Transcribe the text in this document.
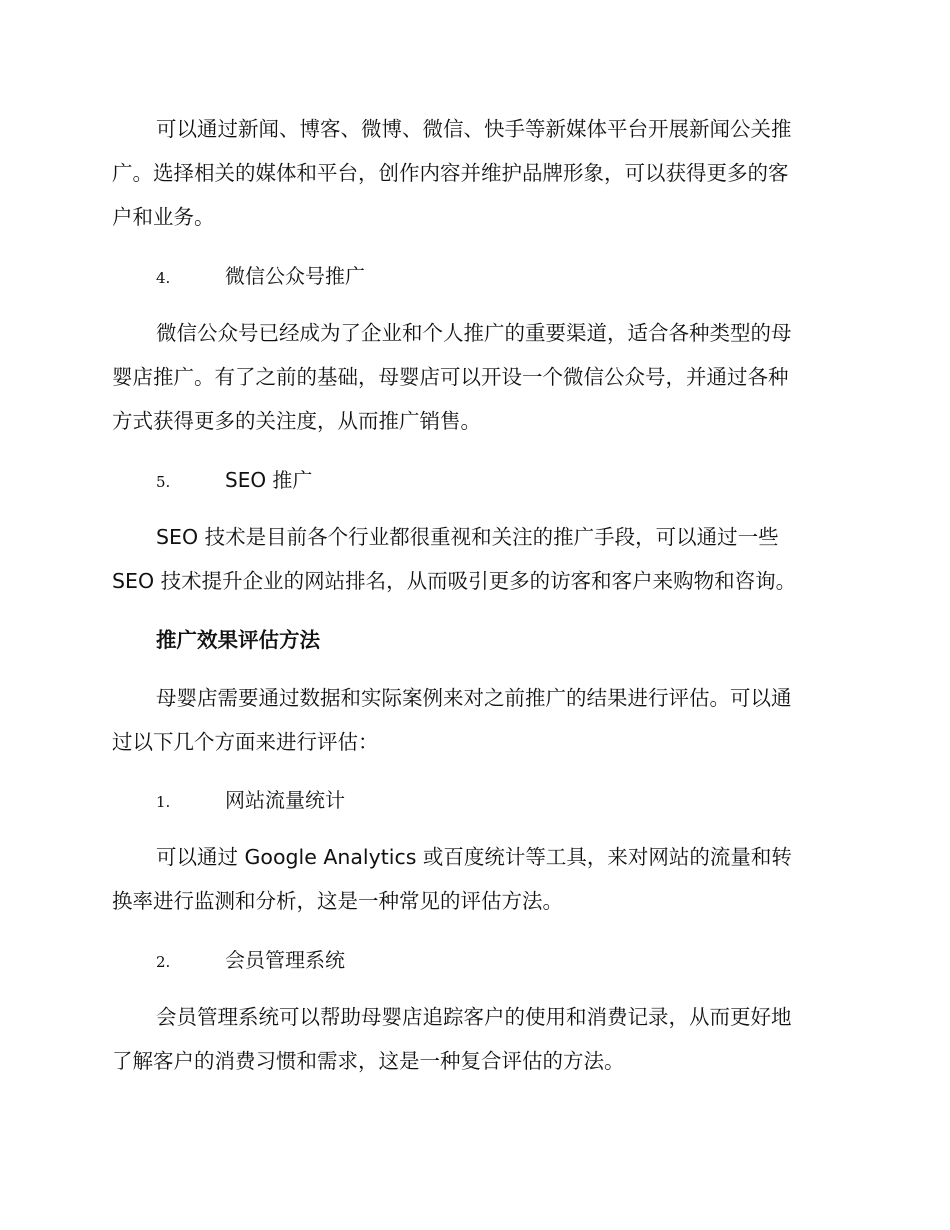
可以通过新闻、博客、微博、微信、快手等新媒体平台开展新闻公关推
广。选择相关的媒体和平台，创作内容并维护品牌形象，可以获得更多的客
户和业务。
4.	微信公众号推广
微信公众号已经成为了企业和个人推广的重要渠道，适合各种类型的母
婴店推广。有了之前的基础，母婴店可以开设一个微信公众号，并通过各种
方式获得更多的关注度，从而推广销售。
5.	SEO 推广
SEO 技术是目前各个行业都很重视和关注的推广手段，可以通过一些
SEO 技术提升企业的网站排名，从而吸引更多的访客和客户来购物和咨询。
推广效果评估方法
母婴店需要通过数据和实际案例来对之前推广的结果进行评估。可以通
过以下几个方面来进行评估：
1.	网站流量统计
可以通过 Google Analytics 或百度统计等工具，来对网站的流量和转
换率进行监测和分析，这是一种常见的评估方法。
2.	会员管理系统
会员管理系统可以帮助母婴店追踪客户的使用和消费记录，从而更好地
了解客户的消费习惯和需求，这是一种复合评估的方法。
